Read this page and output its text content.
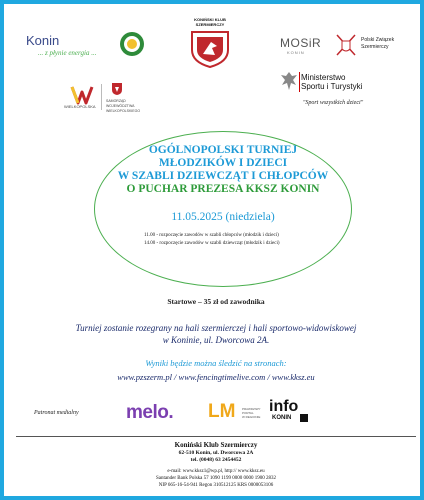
Konin
... z płynie energia ...
KONIŃSKI KLUB SZERMIERCZY
MOSiR
KONIN
Polski Związek Szermierczy
WIELKOPOLSKA
SAMORZĄD WOJEWÓDZTWA WIELKOPOLSKIEGO
Ministerstwo
Sportu i Turystyki
"Sport wszystkich dzieci"
OGÓLNOPOLSKI TURNIEJ
MŁODZIKÓW I DZIECI
W SZABLI DZIEWCZĄT I CHŁOPCÓW
O PUCHAR PREZESA KKSZ KONIN
11.05.2025 (niedziela)
11.00 - rozpoczęcie zawodów w szabli chłopców (młodzik i dzieci)
14.00 - rozpoczęcie zawodów w szabli dziewcząt (młodzik i dzieci)
Startowe – 35 zł od zawodnika
Turniej zostanie rozegrany na hali szermierczej i hali sportowo-widowiskowej
w Koninie, ul. Dworcowa 2A.
Wyniki będzie można śledzić na stronach:
www.pzszerm.pl / www.fencingtimelive.com / www.kksz.eu
Patronat medialny melo. LM PRAWDZIWY
PORTAL
W REGIONIE
info
KONIN
Koniński Klub Szermierczy
62-510 Konin, ul. Dworcowa 2A
tel. (0048) 63 2454452
e-mail: www.kksz1@wp.pl, http:// www.kksz.eu
Santander Bank Polska 57 1090 1199 0000 0000 1900 2832
NIP 665-16-54-941 Regon 310512125 KRS 0000053106
